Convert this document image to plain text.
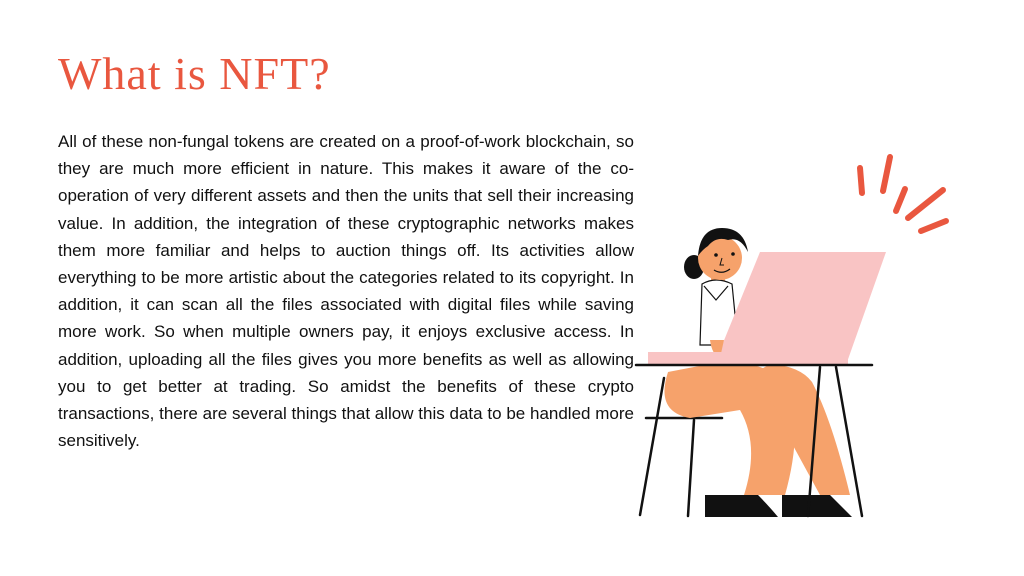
What is NFT?

All of these non-fungal tokens are created on a proof-of-work blockchain, so they are much more efficient in nature. This makes it aware of the co-operation of very different assets and then the units that sell their increasing value. In addition, the integration of these cryptographic networks makes them more familiar and helps to auction things off. Its activities allow everything to be more artistic about the categories related to its copyright. In addition, it can scan all the files associated with digital files while saving more work. So when multiple owners pay, it enjoys exclusive access. In addition, uploading all the files gives you more benefits as well as allowing you to get better at trading. So amidst the benefits of these crypto transactions, there are several things that allow this data to be handled more sensitively.
